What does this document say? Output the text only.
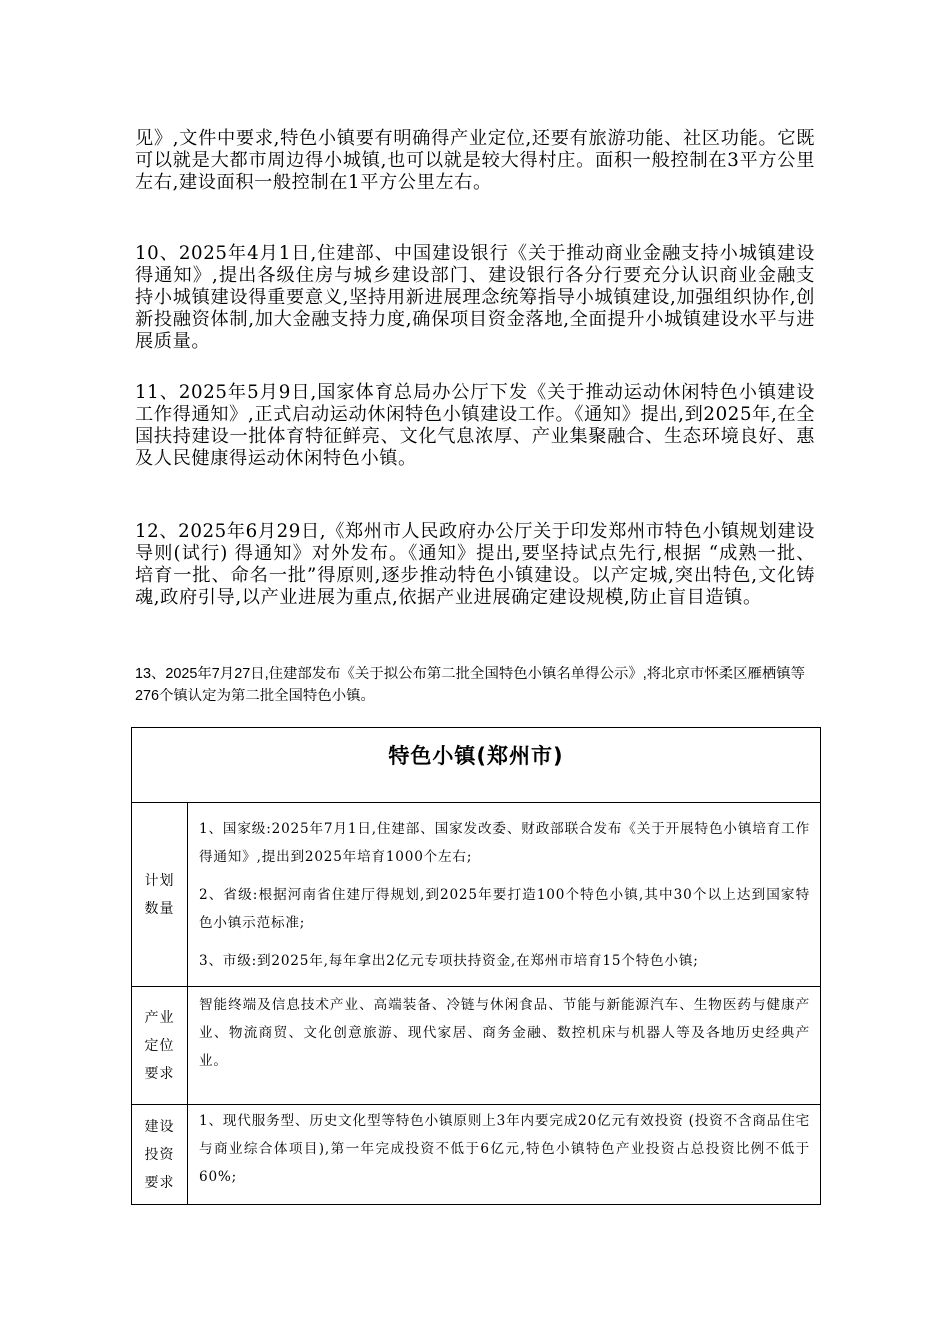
见》,文件中要求,特色小镇要有明确得产业定位,还要有旅游功能、社区功能。它既可以就是大都市周边得小城镇,也可以就是较大得村庄。面积一般控制在3平方公里左右,建设面积一般控制在1平方公里左右。

10、2025年4月1日,住建部、中国建设银行《关于推动商业金融支持小城镇建设得通知》,提出各级住房与城乡建设部门、建设银行各分行要充分认识商业金融支持小城镇建设得重要意义,坚持用新进展理念统筹指导小城镇建设,加强组织协作,创新投融资体制,加大金融支持力度,确保项目资金落地,全面提升小城镇建设水平与进展质量。

11、2025年5月9日,国家体育总局办公厅下发《关于推动运动休闲特色小镇建设工作得通知》,正式启动运动休闲特色小镇建设工作。《通知》提出,到2025年,在全国扶持建设一批体育特征鲜亮、文化气息浓厚、产业集聚融合、生态环境良好、惠及人民健康得运动休闲特色小镇。

12、2025年6月29日,《郑州市人民政府办公厅关于印发郑州市特色小镇规划建设导则(试行) 得通知》对外发布。《通知》提出,要坚持试点先行,根据 “成熟一批、培育一批、命名一批”得原则,逐步推动特色小镇建设。以产定城,突出特色,文化铸魂,政府引导,以产业进展为重点,依据产业进展确定建设规模,防止盲目造镇。

13、2025年7月27日,住建部发布《关于拟公布第二批全国特色小镇名单得公示》,将北京市怀柔区雁栖镇等276个镇认定为第二批全国特色小镇。

特色小镇(郑州市)	

计划数量	1、国家级:2025年7月1日,住建部、国家发改委、财政部联合发布《关于开展特色小镇培育工作得通知》,提出到2025年培育1000个左右;

2、省级:根据河南省住建厅得规划,到2025年要打造100个特色小镇,其中30个以上达到国家特色小镇示范标准;

3、市级:到2025年,每年拿出2亿元专项扶持资金,在郑州市培育15个特色小镇;

产业定位要求	智能终端及信息技术产业、高端装备、冷链与休闲食品、节能与新能源汽车、生物医药与健康产业、物流商贸、文化创意旅游、现代家居、商务金融、数控机床与机器人等及各地历史经典产业。

建设投资要求	1、现代服务型、历史文化型等特色小镇原则上3年内要完成20亿元有效投资 (投资不含商品住宅与商业综合体项目),第一年完成投资不低于6亿元,特色小镇特色产业投资占总投资比例不低于60%;
